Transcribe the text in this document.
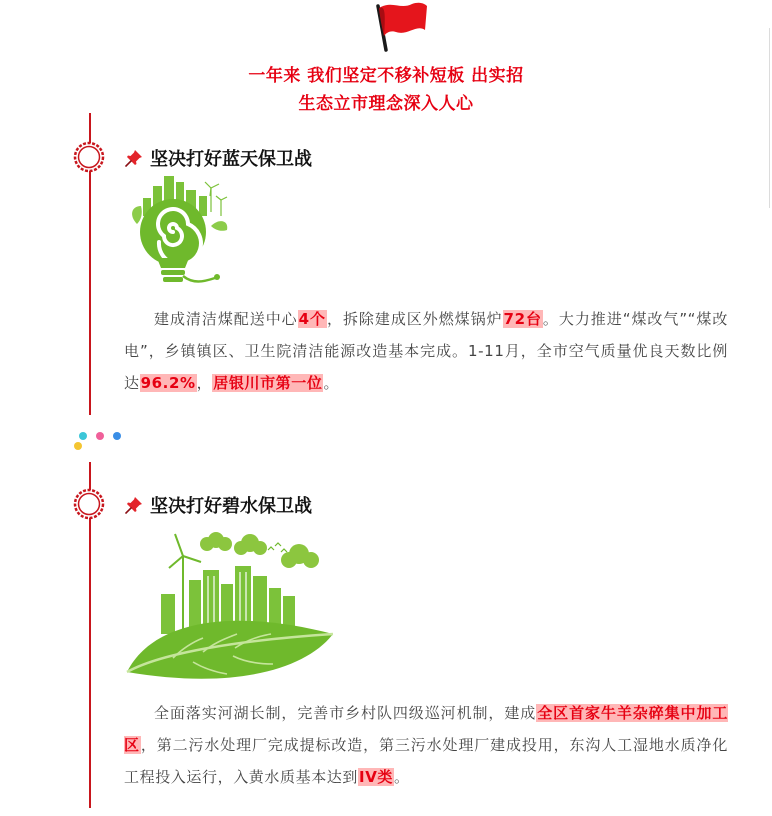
一年来 我们坚定不移补短板 出实招
生态立市理念深入人心
坚决打好蓝天保卫战

建成清洁煤配送中心4个，拆除建成区外燃煤锅炉72台。大力推进“煤改气”“煤改电”，乡镇镇区、卫生院清洁能源改造基本完成。1-11月，全市空气质量优良天数比例达96.2%，居银川市第一位。

坚决打好碧水保卫战

全面落实河湖长制，完善市乡村队四级巡河机制，建成全区首家牛羊杂碎集中加工区，第二污水处理厂完成提标改造，第三污水处理厂建成投用，东沟人工湿地水质净化工程投入运行，入黄水质基本达到IV类。
